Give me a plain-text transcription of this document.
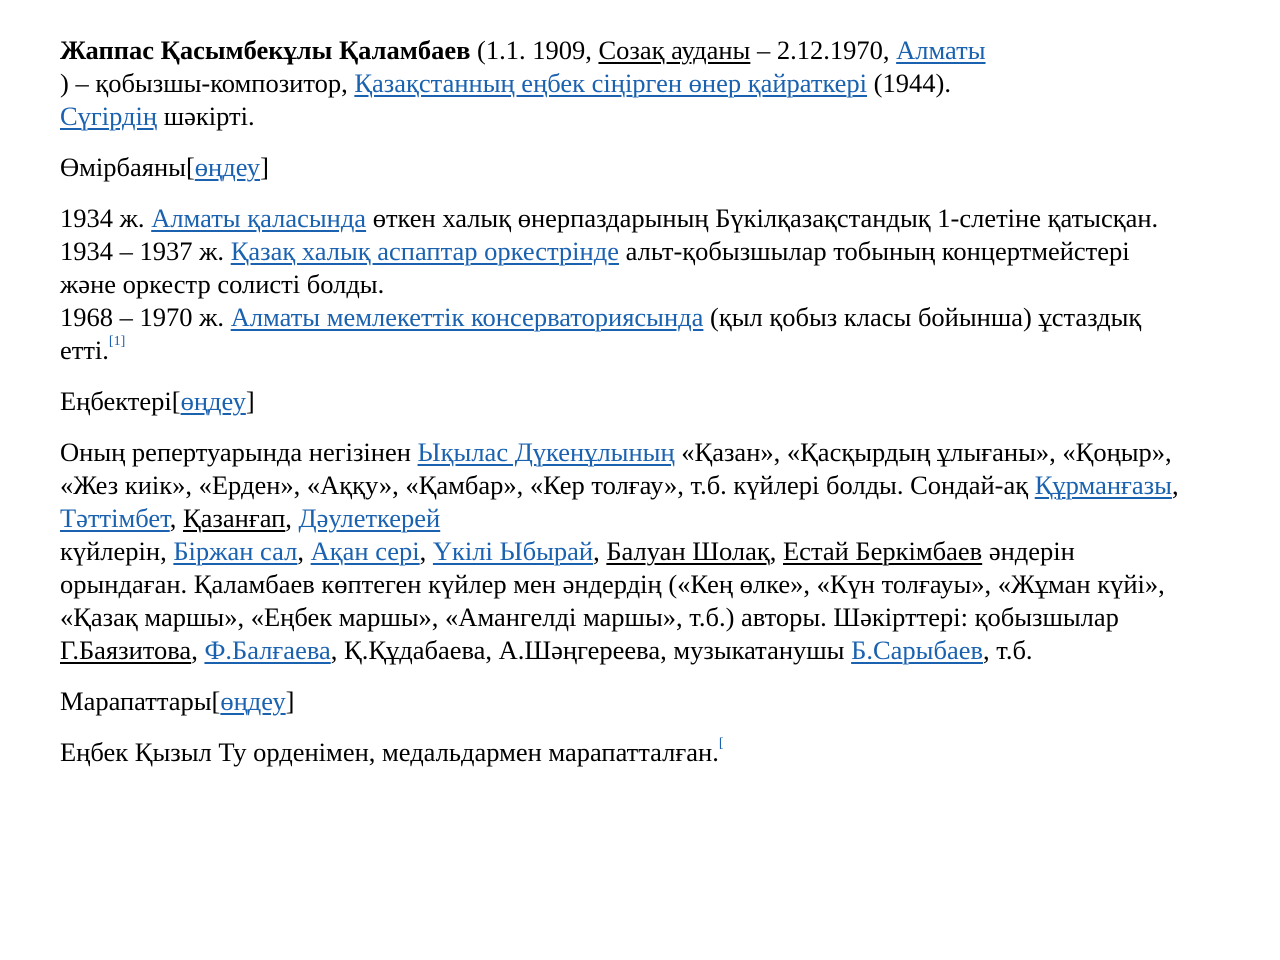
Жаппас Қасымбекұлы Қаламбаев (1.1. 1909, Созақ ауданы – 2.12.1970, Алматы
) – қобызшы-композитор, Қазақстанның еңбек сіңірген өнер қайраткері (1944).
Сүгірдің шәкірті.

Өмірбаяны[өңдеу]

1934 ж. Алматы қаласында өткен халық өнерпаздарының Бүкілқазақстандық 1-слетіне қатысқан.
1934 – 1937 ж. Қазақ халық аспаптар оркестрінде альт-қобызшылар тобының концертмейстері және оркестр солисті болды.
1968 – 1970 ж. Алматы мемлекеттік консерваториясында (қыл қобыз класы бойынша) ұстаздық етті.[1]

Еңбектері[өңдеу]

Оның репертуарында негізінен Ықылас Дүкенұлының «Қазан», «Қасқырдың ұлығаны», «Қоңыр», «Жез киік», «Ерден», «Аққу», «Қамбар», «Кер толғау», т.б. күйлері болды. Сондай-ақ Құрманғазы, Тәттімбет, Қазанғап, Дәулеткерей
күйлерін, Біржан сал, Ақан сері, Үкілі Ыбырай, Балуан Шолақ, Естай Беркімбаев әндерін орындаған. Қаламбаев көптеген күйлер мен әндердің («Кең өлке», «Күн толғауы», «Жұман күйі», «Қазақ маршы», «Еңбек маршы», «Амангелді маршы», т.б.) авторы. Шәкірттері: қобызшылар Г.Баязитова, Ф.Балғаева, Қ.Құдабаева, А.Шәңгереева, музыкатанушы Б.Сарыбаев, т.б.

Марапаттары[өңдеу]

Еңбек Қызыл Ту орденімен, медальдармен марапатталған.[
